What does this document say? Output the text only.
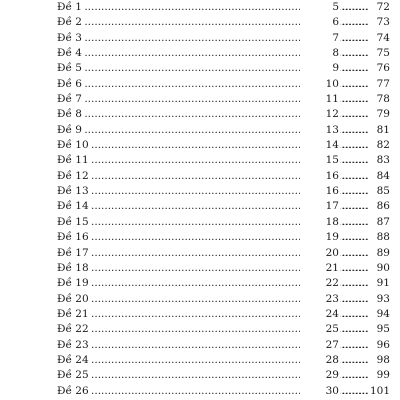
.....
Đề 1	5 .....	72
.....
Đề 2	6 .....	73
.....
Đề 3	7 .....	74
.....
Đề 4	8 .....	75
.....
Đề 5	9 .....	76
.....
Đề 6	10 .....	77
.....
Đề 7	11 .....	78
.....
Đề 8	12 .....	79
.....
Đề 9	13 .....	81
.....
Đề 10	14 .....	82
.....
Đề 11	15 .....	83
.....
Đề 12	16 .....	84
.....
Đề 13	16 .....	85
.....
Đề 14	17 .....	86
.....
Đề 15	18 .....	87
.....
Đề 16	19 .....	88
.....
Đề 17	20 .....	89
.....
Đề 18	21 .....	90
.....
Đề 19	22 .....	91
.....
Đề 20	23 .....	93
.....
Đề 21	24 .....	94
.....
Đề 22	25 .....	95
.....
Đề 23	27 .....	96
.....
Đề 24	28 .....	98
.....
Đề 25	29 .....	99
.....
Đề 26	30 .....	101
